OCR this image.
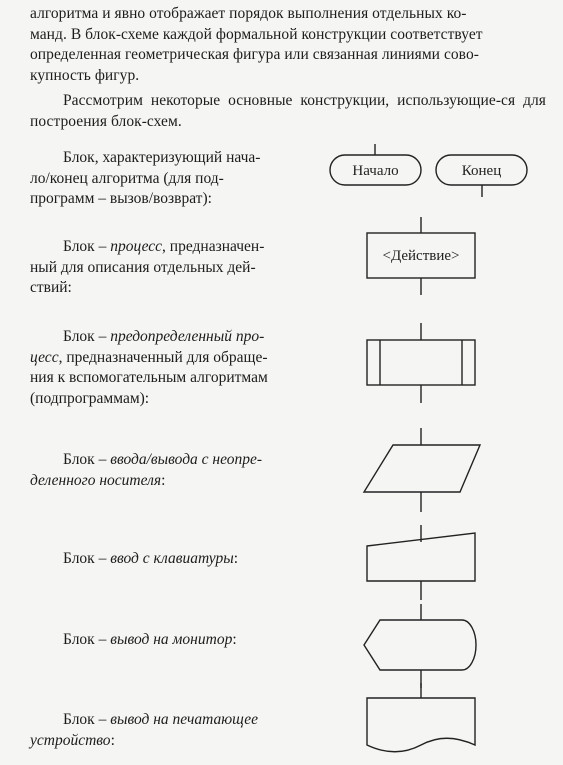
алгоритма и явно отображает порядок выполнения отдельных ко-

манд. В блок-схеме каждой формальной конструкции соответствует

определенная геометрическая фигура или связанная линиями сово-

купность фигур.

Рассмотрим некоторые основные конструкции, использующие-ся для построения блок-схем.

Блок, характеризующий нача-
ло/конец алгоритма (для под-
программ – вызов/возврат):
Блок – процесс, предназначен-
ный для описания отдельных дей-
ствий:
Блок – предопределенный про-
цесс, предназначенный для обраще-
ния к вспомогательным алгоритмам
(подпрограммам):
Блок – ввода/вывода с неопре-
деленного носителя:
Блок – ввод с клавиатуры:
Блок – вывод на монитор:
Блок – вывод на печатающее
устройство:
Начало	Конец
<Действие>
